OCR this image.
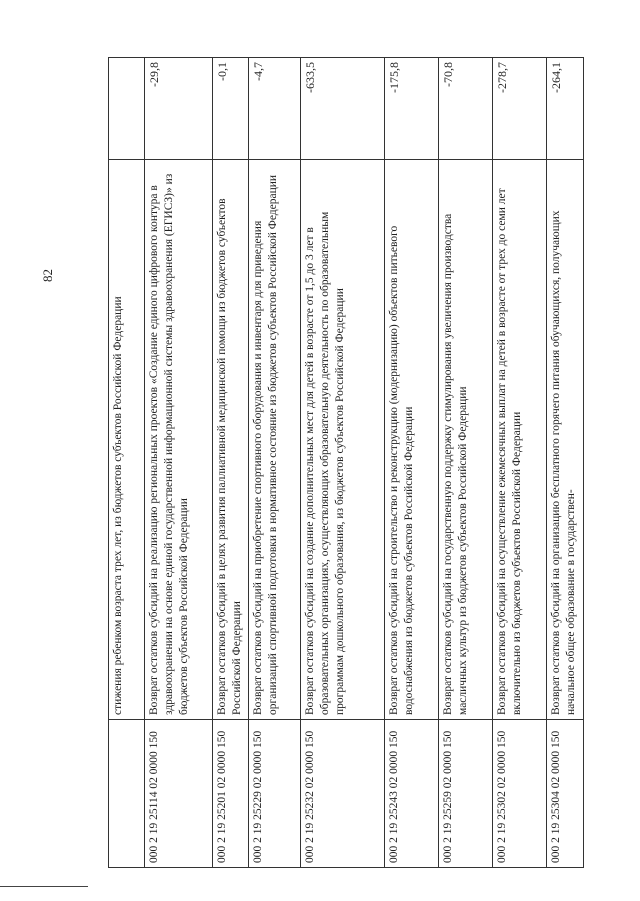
82
	стижения ребенком возраста трех лет, из бюджетов субъектов Российской Федерации	
000 2 19 25114 02 0000 150	Возврат остатков субсидий на реализацию региональных проектов «Создание единого цифрового контура в здравоохранении на основе единой государственной информационной системы здравоохранения (ЕГИСЗ)» из бюджетов субъектов Российской Федерации	-29,8
000 2 19 25201 02 0000 150	Возврат остатков субсидий в целях развития паллиативной медицинской помощи из бюджетов субъектов Российской Федерации	-0,1
000 2 19 25229 02 0000 150	Возврат остатков субсидий на приобретение спортивного оборудования и инвентаря для приведения организаций спортивной подготовки в нормативное состояние из бюджетов субъектов Российской Федерации	-4,7
000 2 19 25232 02 0000 150	Возврат остатков субсидий на создание дополнительных мест для детей в возрасте от 1,5 до 3 лет в образовательных организациях, осуществляющих образовательную деятельность по образовательным программам дошкольного образования, из бюджетов субъектов Российской Федерации	-633,5
000 2 19 25243 02 0000 150	Возврат остатков субсидий на строительство и реконструкцию (модернизацию) объектов питьевого водоснабжения из бюджетов субъектов Российской Федерации	-175,8
000 2 19 25259 02 0000 150	Возврат остатков субсидий на государственную поддержку стимулирования увеличения производства масличных культур из бюджетов субъектов Российской Федерации	-70,8
000 2 19 25302 02 0000 150	Возврат остатков субсидий на осуществление ежемесячных выплат на детей в возрасте от трех до семи лет включительно из бюджетов субъектов Российской Федерации	-278,7
000 2 19 25304 02 0000 150	Возврат остатков субсидий на организацию бесплатного горячего питания обучающихся, получающих начальное общее образование в государствен-	-264,1
